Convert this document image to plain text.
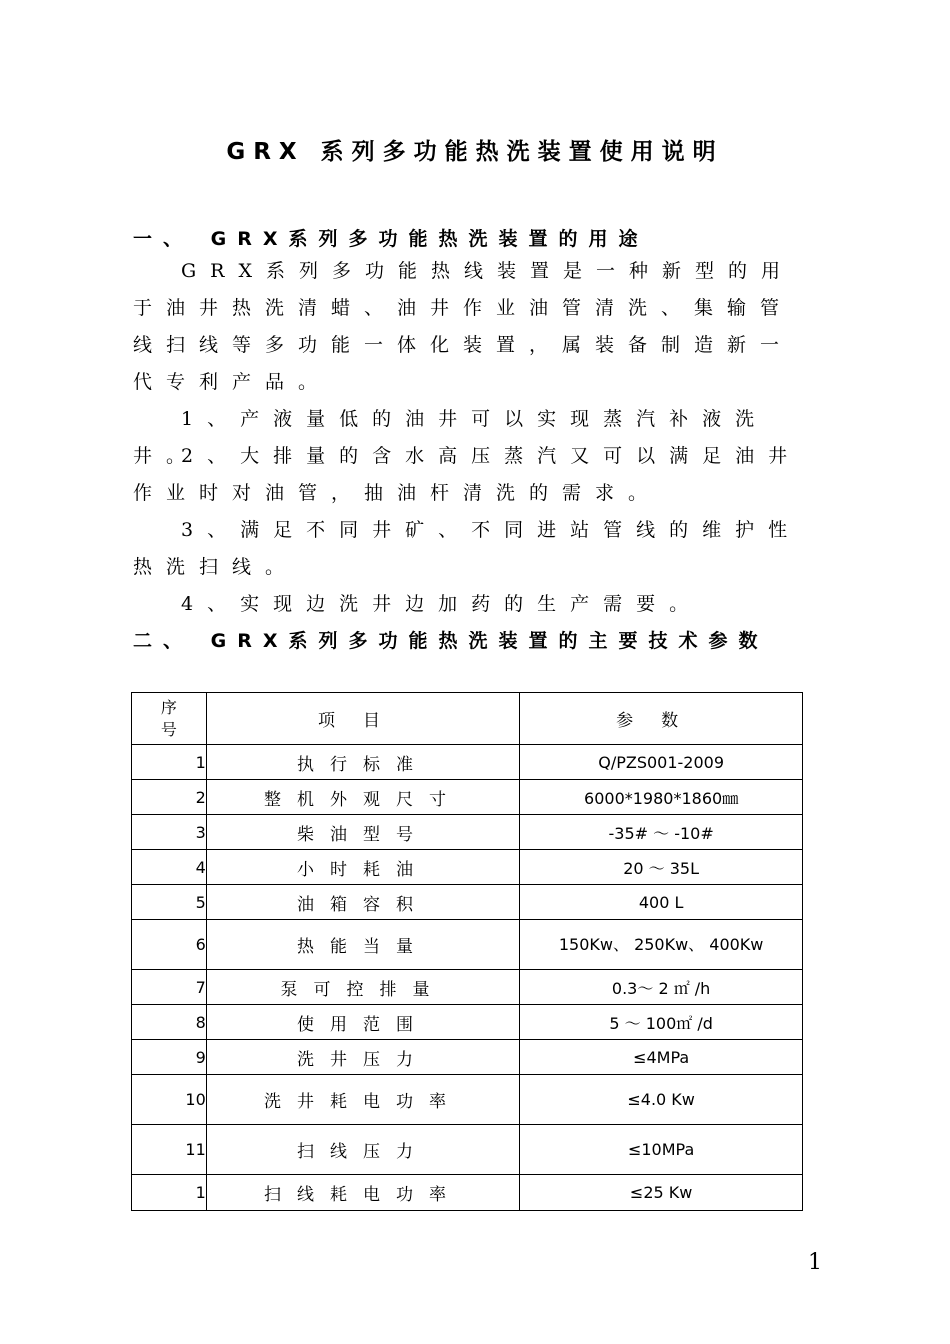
GRX 系列多功能热洗装置使用说明
一、 GRX系列多功能热洗装置的用途

GRX系列多功能热线装置是一种新型的用于油井热洗清蜡、油井作业油管清洗、集输管线扫线等多功能一体化装置，属装备制造新一代专利产品。

1、产液量低的油井可以实现蒸汽补液洗井。

2、大排量的含水高压蒸汽又可以满足油井作业时对油管，抽油杆清洗的需求。

3、满足不同井矿、不同进站管线的维护性热洗扫线。

4、实现边洗井边加药的生产需要。

二、 GRX系列多功能热洗装置的主要技术参数
序号	项目	参数
1	执行标准	Q/PZS001-2009
2	整机外观尺寸	6000*1980*1860㎜
3	柴油型号	-35# ～ -10#
4	小时耗油	20 ～ 35L
5	油箱容积	400 L
6	热能当量	150Kw、 250Kw、 400Kw
7	泵可控排量	0.3～ 2 ㎡ /h
8	使用范围	5 ～ 100㎡ /d
9	洗井压力	≤4MPa
10	洗井耗电功率	≤4.0 Kw
11	扫线压力	≤10MPa
1	扫线耗电功率	≤25 Kw

1
